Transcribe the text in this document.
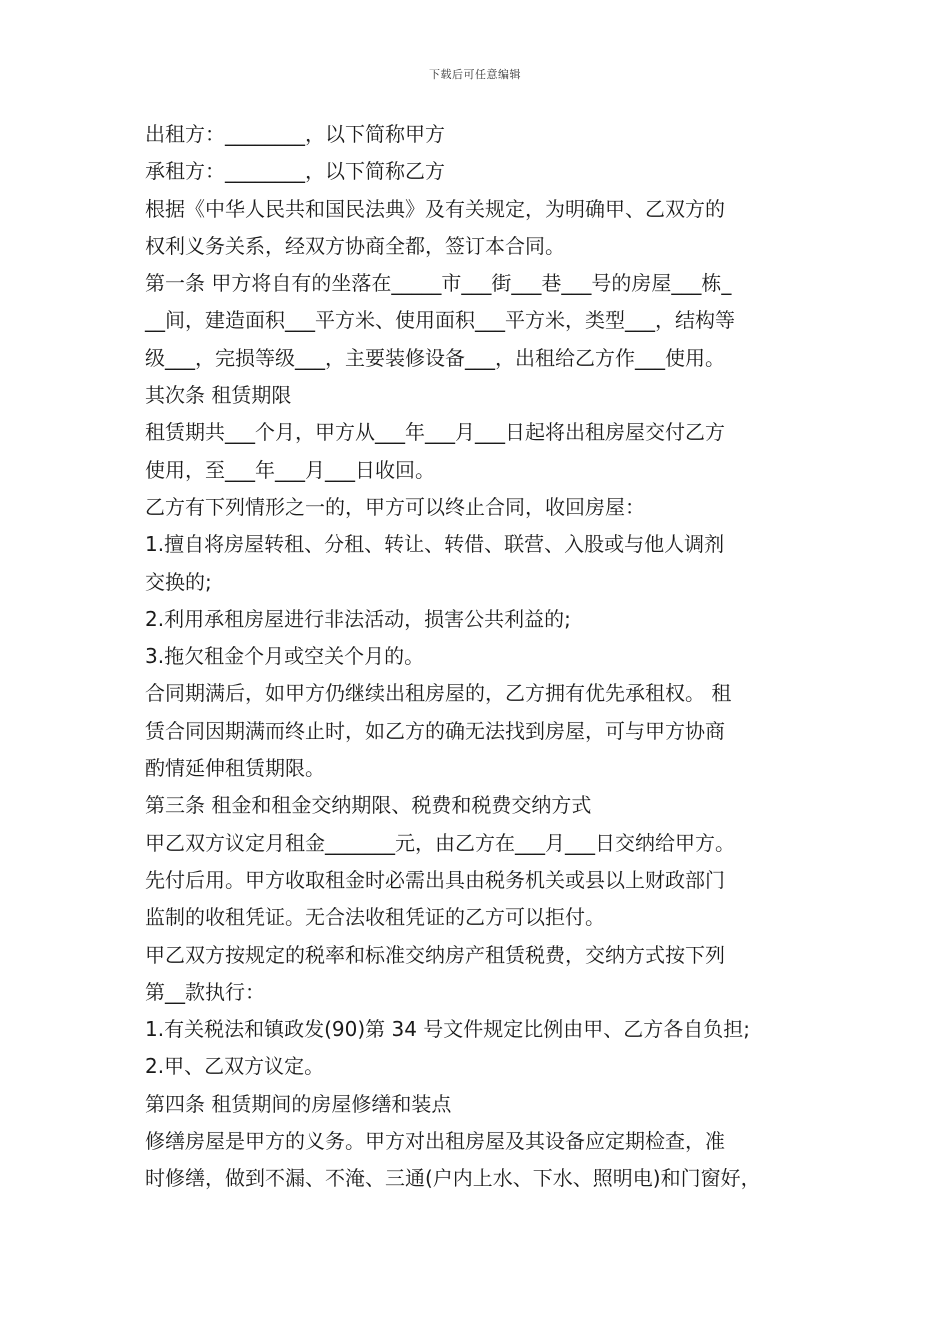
下载后可任意编辑
出租方：________，以下简称甲方
承租方：________，以下简称乙方
根据《中华人民共和国民法典》及有关规定，为明确甲、乙双方的
权利义务关系，经双方协商全都，签订本合同。
第一条 甲方将自有的坐落在_____市___街___巷___号的房屋___栋_
__间，建造面积___平方米、使用面积___平方米，类型___，结构等
级___，完损等级___，主要装修设备___，出租给乙方作___使用。
其次条 租赁期限
租赁期共___个月，甲方从___年___月___日起将出租房屋交付乙方
使用，至___年___月___日收回。
乙方有下列情形之一的，甲方可以终止合同，收回房屋：
1.擅自将房屋转租、分租、转让、转借、联营、入股或与他人调剂
交换的;
2.利用承租房屋进行非法活动，损害公共利益的;
3.拖欠租金个月或空关个月的。
合同期满后，如甲方仍继续出租房屋的，乙方拥有优先承租权。 租
赁合同因期满而终止时，如乙方的确无法找到房屋，可与甲方协商
酌情延伸租赁期限。
第三条 租金和租金交纳期限、税费和税费交纳方式
甲乙双方议定月租金_______元，由乙方在___月___日交纳给甲方。
先付后用。甲方收取租金时必需出具由税务机关或县以上财政部门
监制的收租凭证。无合法收租凭证的乙方可以拒付。
甲乙双方按规定的税率和标准交纳房产租赁税费，交纳方式按下列
第__款执行：
1.有关税法和镇政发(90)第 34 号文件规定比例由甲、乙方各自负担;
2.甲、乙双方议定。
第四条 租赁期间的房屋修缮和装点
修缮房屋是甲方的义务。甲方对出租房屋及其设备应定期检查，准
时修缮，做到不漏、不淹、三通(户内上水、下水、照明电)和门窗好，
